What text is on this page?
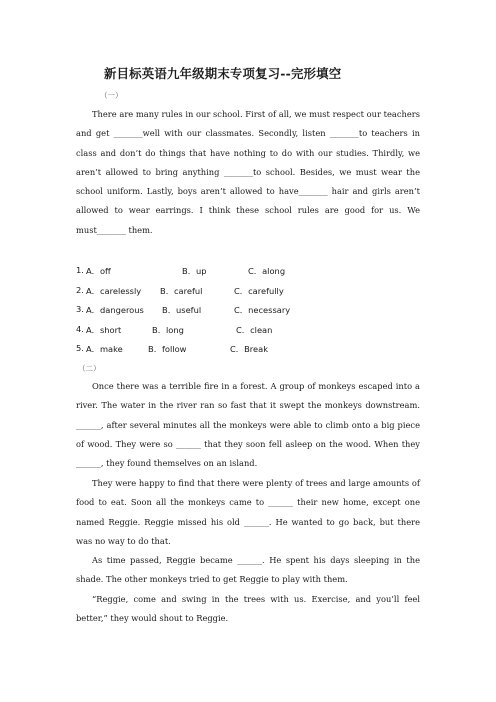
新目标英语九年级期末专项复习--完形填空
（一）

There are many rules in our school. First of all, we must respect our teachers and get _______well with our classmates. Secondly, listen _______to teachers in class and don’t do things that have nothing to do with our studies. Thirdly, we aren’t allowed to bring anything _______to school. Besides, we must wear the school uniform. Lastly, boys aren’t allowed to have_______ hair and girls aren’t allowed to wear earrings. I think these school rules are good for us. We must_______ them.

1. A．off	B．up	C．along
2. A．carelessly B．careful	C．carefully
3. A．dangerous B．useful	C．necessary
4. A．short	B．long	C．clean
5. A．make	B．follow	C．Break
（二）

Once there was a terrible fire in a forest. A group of monkeys escaped into a river. The water in the river ran so fast that it swept the monkeys downstream. ______, after several minutes all the monkeys were able to climb onto a big piece of wood. They were so ______ that they soon fell asleep on the wood. When they ______, they found themselves on an island.

They were happy to find that there were plenty of trees and large amounts of food to eat. Soon all the monkeys came to ______ their new home, except one named Reggie. Reggie missed his old ______. He wanted to go back, but there was no way to do that.

As time passed, Reggie became ______. He spent his days sleeping in the shade. The other monkeys tried to get Reggie to play with them.

“Reggie, come and swing in the trees with us. Exercise, and you’ll feel better,” they would shout to Reggie.
